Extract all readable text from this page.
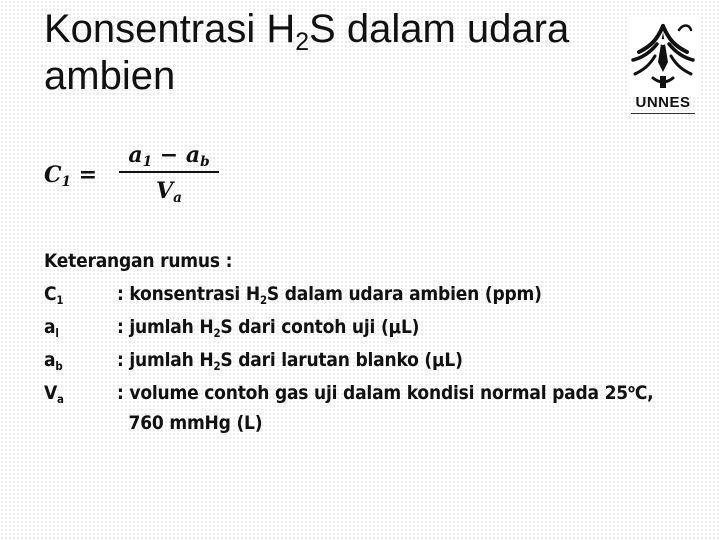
Konsentrasi $H_2S$ dalam udara
ambien
UNNES
$C_1$ =
$a_1 - a_b$
$V_a$
Keterangan rumus :
$C_1$	: konsentrasi $H_2S$ dalam udara ambien (ppm)
$a_l$	: jumlah $H_2S$ dari contoh uji (μL)
$a_b$	: jumlah $H_2S$ dari larutan blanko (μL)
$V_a$	: volume contoh gas uji dalam kondisi normal pada 25$^o$C,
760 mmHg (L)
